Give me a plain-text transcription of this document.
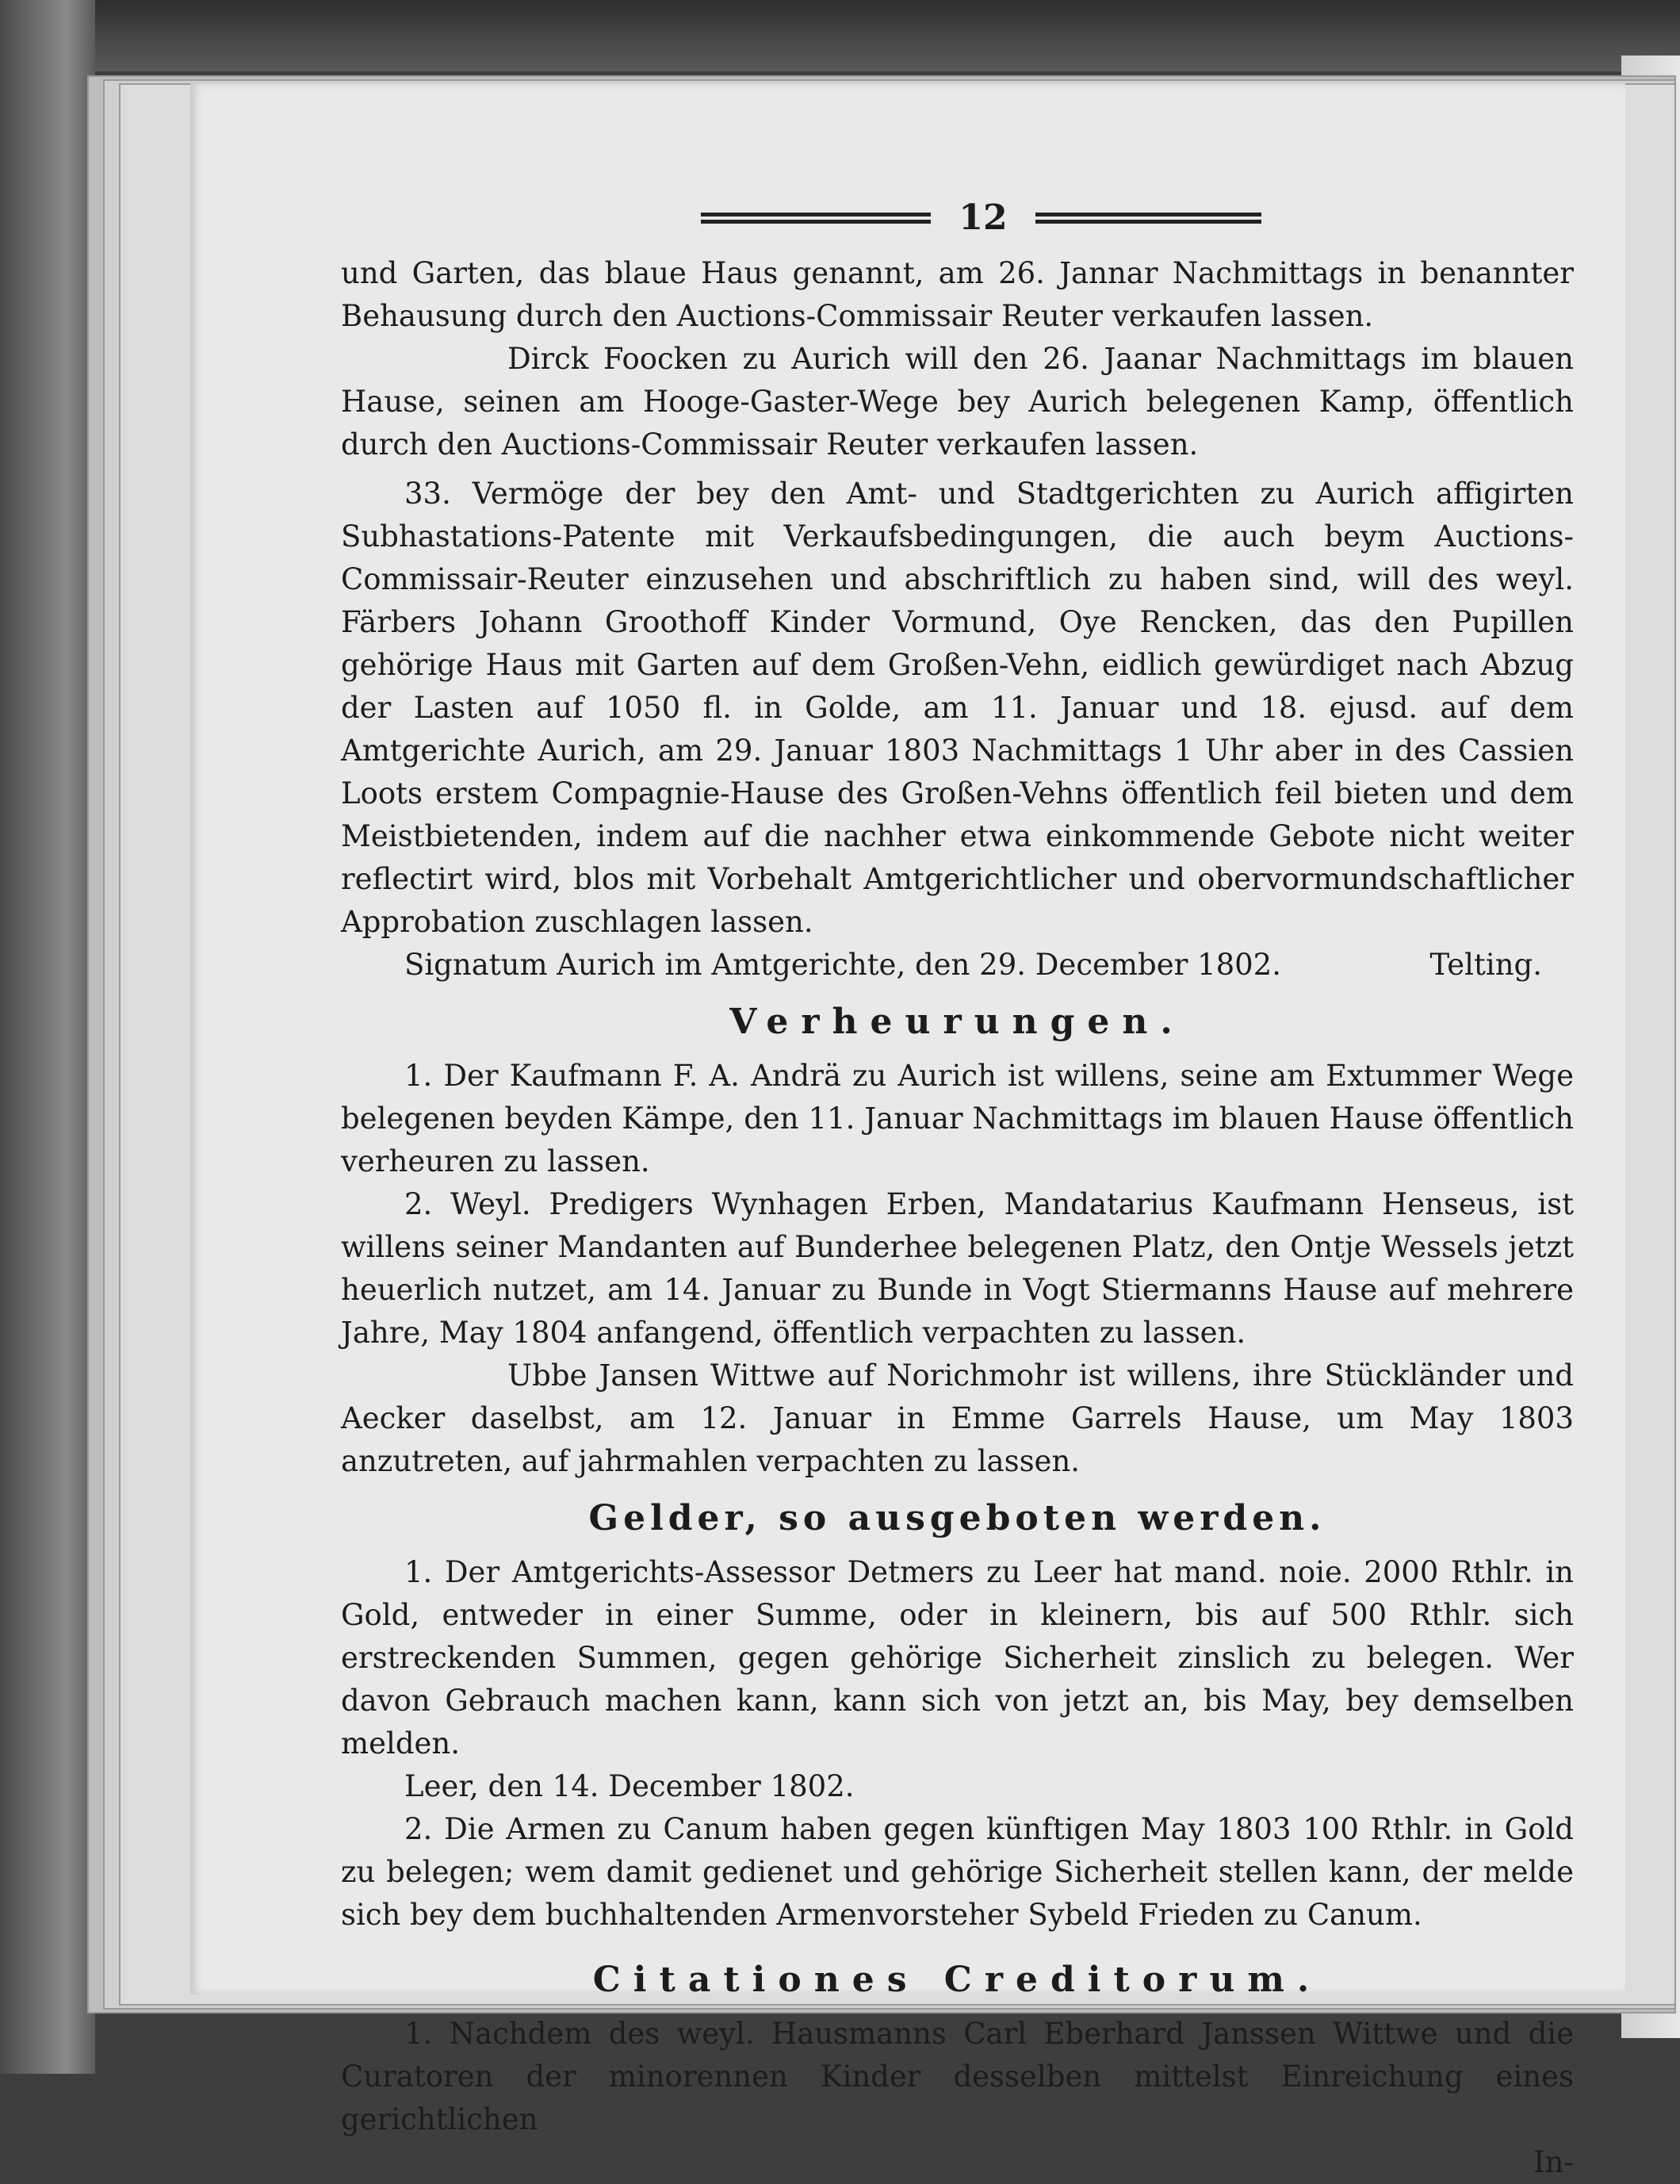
12

und Garten, das blaue Haus genannt, am 26. Jannar Nachmittags in benannter Behausung durch den Auctions-Commissair Reuter verkaufen lassen.

Dirck Foocken zu Aurich will den 26. Jaanar Nachmittags im blauen Hause, seinen am Hooge-Gaster-Wege bey Aurich belegenen Kamp, öffentlich durch den Auctions-Commissair Reuter verkaufen lassen.

33. Vermöge der bey den Amt- und Stadtgerichten zu Aurich affigirten Subhastations-Patente mit Verkaufsbedingungen, die auch beym Auctions-Commissair-Reuter einzusehen und abschriftlich zu haben sind, will des weyl. Färbers Johann Groothoff Kinder Vormund, Oye Rencken, das den Pupillen gehörige Haus mit Garten auf dem Großen-Vehn, eidlich gewürdiget nach Abzug der Lasten auf 1050 fl. in Golde, am 11. Januar und 18. ejusd. auf dem Amtgerichte Aurich, am 29. Januar 1803 Nachmittags 1 Uhr aber in des Cassien Loots erstem Compagnie-Hause des Großen-Vehns öffentlich feil bieten und dem Meistbietenden, indem auf die nachher etwa einkommende Gebote nicht weiter reflectirt wird, blos mit Vorbehalt Amtgerichtlicher und obervormundschaftlicher Approbation zuschlagen lassen.

Signatum Aurich im Amtgerichte, den 29. December 1802.	Telting.
Verheurungen.

1. Der Kaufmann F. A. Andrä zu Aurich ist willens, seine am Extummer Wege belegenen beyden Kämpe, den 11. Januar Nachmittags im blauen Hause öffentlich verheuren zu lassen.

2. Weyl. Predigers Wynhagen Erben, Mandatarius Kaufmann Henseus, ist willens seiner Mandanten auf Bunderhee belegenen Platz, den Ontje Wessels jetzt heuerlich nutzet, am 14. Januar zu Bunde in Vogt Stiermanns Hause auf mehrere Jahre, May 1804 anfangend, öffentlich verpachten zu lassen.

Ubbe Jansen Wittwe auf Norichmohr ist willens, ihre Stückländer und Aecker daselbst, am 12. Januar in Emme Garrels Hause, um May 1803 anzutreten, auf jahrmahlen verpachten zu lassen.

Gelder, so ausgeboten werden.

1. Der Amtgerichts-Assessor Detmers zu Leer hat mand. noie. 2000 Rthlr. in Gold, entweder in einer Summe, oder in kleinern, bis auf 500 Rthlr. sich erstreckenden Summen, gegen gehörige Sicherheit zinslich zu belegen. Wer davon Gebrauch machen kann, kann sich von jetzt an, bis May, bey demselben melden.

Leer, den 14. December 1802.

2. Die Armen zu Canum haben gegen künftigen May 1803 100 Rthlr. in Gold zu belegen; wem damit gedienet und gehörige Sicherheit stellen kann, der melde sich bey dem buchhaltenden Armenvorsteher Sybeld Frieden zu Canum.

Citationes Creditorum.

1. Nachdem des weyl. Hausmanns Carl Eberhard Janssen Wittwe und die Curatoren der minorennen Kinder desselben mittelst Einreichung eines gerichtlichen

In-
